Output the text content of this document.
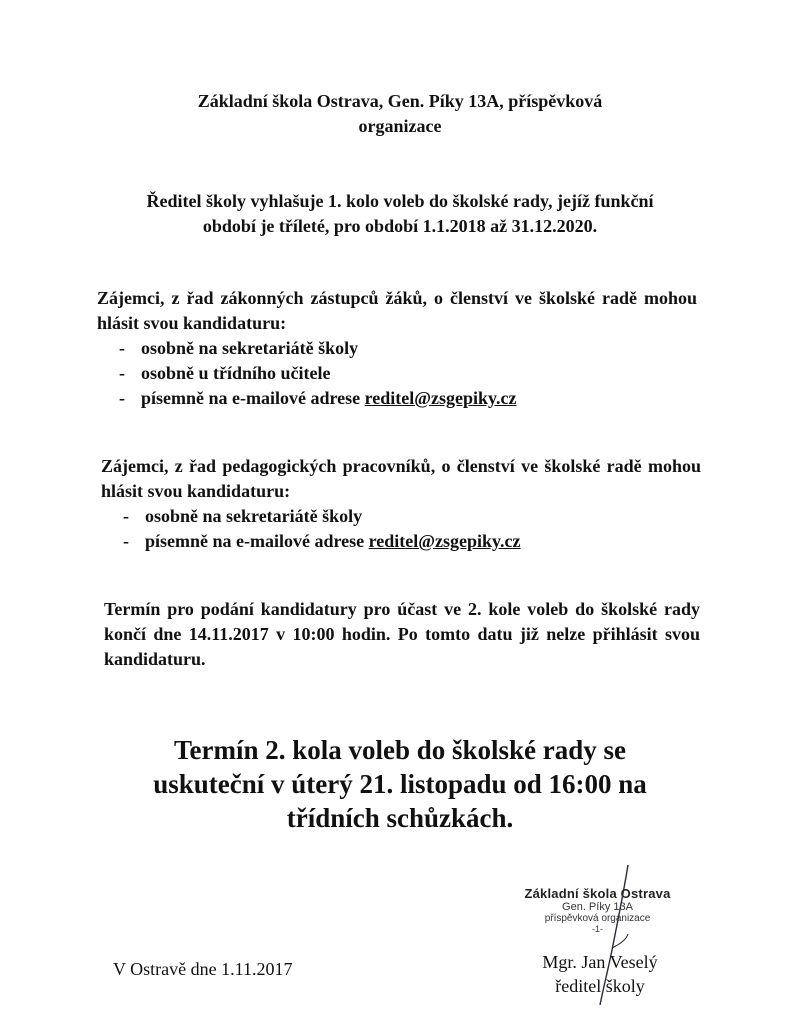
Základní škola Ostrava, Gen. Píky 13A, příspěvková
organizace
Ředitel školy vyhlašuje 1. kolo voleb do školské rady, jejíž funkční
období je tříleté, pro období 1.1.2018 až 31.12.2020.
Zájemci, z řad zákonných zástupců žáků, o členství ve školské radě mohou hlásit svou kandidaturu:
- osobně na sekretariátě školy
- osobně u třídního učitele
- písemně na e-mailové adrese reditel@zsgepiky.cz
Zájemci, z řad pedagogických pracovníků, o členství ve školské radě mohou hlásit svou kandidaturu:
- osobně na sekretariátě školy
- písemně na e-mailové adrese reditel@zsgepiky.cz
Termín pro podání kandidatury pro účast ve 2. kole voleb do školské rady končí dne 14.11.2017 v 10:00 hodin. Po tomto datu již nelze přihlásit svou kandidaturu.
Termín 2. kola voleb do školské rady se
uskuteční v úterý 21. listopadu od 16:00 na
třídních schůzkách.
V Ostravě dne 1.11.2017
Základní škola Ostrava
Gen. Píky 13A
příspěvková organizace
-1-
Mgr. Jan Veselý
ředitel školy
